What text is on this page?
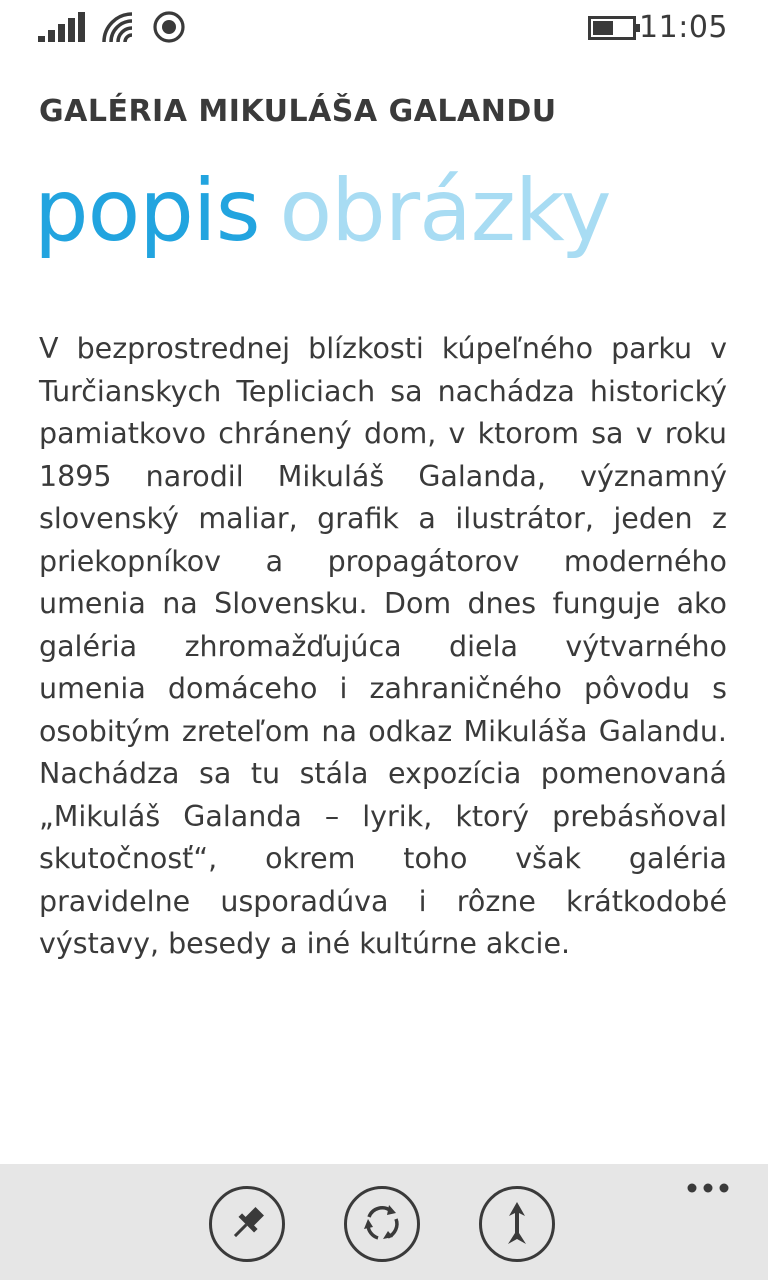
11:05
GALÉRIA MIKULÁŠA GALANDU
popis obrázky
V bezprostrednej blízkosti kúpeľného parku v Turčianskych Tepliciach sa nachádza historický pamiatkovo chránený dom, v ktorom sa v roku 1895 narodil Mikuláš Galanda, významný slovenský maliar, grafik a ilustrátor, jeden z priekopníkov a propagátorov moderného umenia na Slovensku. Dom dnes funguje ako galéria zhromažďujúca diela výtvarného umenia domáceho i zahraničného pôvodu s osobitým zreteľom na odkaz Mikuláša Galandu. Nachádza sa tu stála expozícia pomenovaná „Mikuláš Galanda – lyrik, ktorý prebásňoval skutočnosť“, okrem toho však galéria pravidelne usporadúva i rôzne krátkodobé výstavy, besedy a iné kultúrne akcie.
